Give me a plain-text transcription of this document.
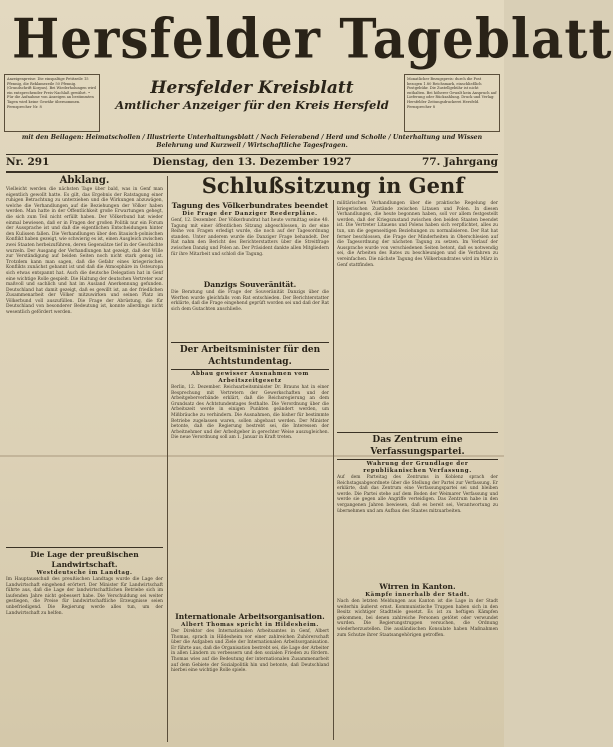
Hersfelder Tageblatt
Anzeigenpreise: Die einspaltige Petitzeile 15 Pfennig, die Reklamezeile 50 Pfennig. (Grundschrift Korpus). Bei Wiederholungen wird ein entsprechender Preis-Nachlaß gewährt. • Für die Aufnahme von Anzeigen an bestimmten Tagen wird keine Gewähr übernommen. Fernsprecher Nr. 8
Monatlicher Bezugspreis: durch die Post bezogen 1.80 Reichsmark, einschließlich Postgebühr. Die Zustellgebühr ist nicht enthalten. Bei höherer Gewalt kein Anspruch auf Lieferung oder Rückzahlung. Druck und Verlag: Hersfelder Zeitungsdruckerei Hersfeld. Fernsprecher 8
Hersfelder Kreisblatt
Amtlicher Anzeiger für den Kreis Hersfeld
mit den Beilagen: Heimatschollen / Illustrierte Unterhaltungsblatt / Nach Feierabend / Herd und Scholle / Unterhaltung und Wissen Belehrung und Kurzweil / Wirtschaftliche Tagesfragen.
Nr. 291	Dienstag, den 13. Dezember 1927	77. Jahrgang

Abklang.

Vielleicht werden die nächsten Tage über bald, was in Genf man eigentlich gewollt hatte. Es gilt, das Ergebnis der Ratstagung einer ruhigen Betrachtung zu unterziehen und die Wirkungen abzuwägen, welche die Verhandlungen auf die Beziehungen der Völker haben werden. Man hatte in der Öffentlichkeit große Erwartungen gehegt, die sich zum Teil nicht erfüllt haben. Der Völkerbund hat wieder einmal bewiesen, daß er in Fragen der großen Politik nur ein Forum der Aussprache ist und daß die eigentlichen Entscheidungen hinter den Kulissen fallen. Die Verhandlungen über den litauisch-polnischen Konflikt haben gezeigt, wie schwierig es ist, einen Ausgleich zwischen zwei Staaten herbeizuführen, deren Gegensätze tief in der Geschichte wurzeln. Der Ausgang der Verhandlungen hat gezeigt, daß der Wille zur Verständigung auf beiden Seiten noch nicht stark genug ist. Trotzdem kann man sagen, daß die Gefahr eines kriegerischen Konflikts zunächst gebannt ist und daß die Atmosphäre in Osteuropa sich etwas entspannt hat. Auch die deutsche Delegation hat in Genf eine wichtige Rolle gespielt. Die Haltung der deutschen Vertreter war maßvoll und sachlich und hat im Ausland Anerkennung gefunden. Deutschland hat damit gezeigt, daß es gewillt ist, an der friedlichen Zusammenarbeit der Völker mitzuwirken und seinen Platz im Völkerbund voll auszufüllen. Die Frage der Abrüstung, die für Deutschland von besonderer Bedeutung ist, konnte allerdings nicht wesentlich gefördert werden.

Die Lage der preußischen Landwirtschaft.

Westdeutsche im Landtag.

Im Hauptausschuß des preußischen Landtags wurde die Lage der Landwirtschaft eingehend erörtert. Der Minister für Landwirtschaft führte aus, daß die Lage der landwirtschaftlichen Betriebe sich im laufenden Jahre nicht gebessert habe. Die Verschuldung sei weiter gestiegen, die Preise für landwirtschaftliche Erzeugnisse seien unbefriedigend. Die Regierung werde alles tun, um der Landwirtschaft zu helfen.

Schlußsitzung in Genf

Tagung des Völkerbundrates beendet

Die Frage der Danziger Reederpläne.

Genf, 12. Dezember. Der Völkerbundrat hat heute vormittag seine 48. Tagung mit einer öffentlichen Sitzung abgeschlossen, in der eine Reihe von Fragen erledigt wurde, die noch auf der Tagesordnung standen. Unter anderem wurde die Danziger Frage behandelt. Der Rat nahm den Bericht des Berichterstatters über die Streitfrage zwischen Danzig und Polen an. Der Präsident dankte allen Mitgliedern für ihre Mitarbeit und schloß die Tagung.

Danzigs Souveränität.

Die Beratung und die Frage der Souveränität Danzigs über die Werften wurde gleichfalls vom Rat entschieden. Der Berichterstatter erklärte, daß die Frage eingehend geprüft worden sei und daß der Rat sich dem Gutachten anschließe.

militärischen Verhandlungen über die praktische Regelung der kriegerischen Zustände zwischen Litauen und Polen. In diesen Verhandlungen, die heute begonnen haben, soll vor allem festgestellt werden, daß der Kriegszustand zwischen den beiden Staaten beendet ist. Die Vertreter Litauens und Polens haben sich verpflichtet, alles zu tun, um die gegenseitigen Beziehungen zu normalisieren. Der Rat hat ferner beschlossen, die Frage der Minderheiten in Oberschlesien auf die Tagesordnung der nächsten Tagung zu setzen. Im Verlauf der Aussprache wurde von verschiedenen Seiten betont, daß es notwendig sei, die Arbeiten des Rates zu beschleunigen und die Verfahren zu vereinfachen. Die nächste Tagung des Völkerbundrates wird im März in Genf stattfinden.

Der Arbeitsminister für den Achtstundentag.

Abbau gewisser Ausnahmen vom Arbeitszeitgesetz

Berlin, 12. Dezember. Reichsarbeitsminister Dr. Brauns hat in einer Besprechung mit Vertretern der Gewerkschaften und der Arbeitgeberverbände erklärt, daß die Reichsregierung an dem Grundsatz des Achtstundentages festhalte. Die Verordnung über die Arbeitszeit werde in einigen Punkten geändert werden, um Mißbräuche zu verhindern. Die Ausnahmen, die bisher für bestimmte Betriebe zugelassen waren, sollen abgebaut werden. Der Minister betonte, daß die Regierung bestrebt sei, die Interessen der Arbeitnehmer und der Arbeitgeber in gerechter Weise auszugleichen. Die neue Verordnung soll am 1. Januar in Kraft treten.

Internationale Arbeitsorganisation.

Albert Thomas spricht in Hildesheim.

Der Direktor des Internationalen Arbeitsamtes in Genf, Albert Thomas, sprach in Hildesheim vor einer zahlreichen Zuhörerschaft über die Aufgaben und Ziele der Internationalen Arbeitsorganisation. Er führte aus, daß die Organisation bestrebt sei, die Lage der Arbeiter in allen Ländern zu verbessern und den sozialen Frieden zu fördern. Thomas wies auf die Bedeutung der internationalen Zusammenarbeit auf dem Gebiete der Sozialpolitik hin und betonte, daß Deutschland hierbei eine wichtige Rolle spiele.

Das Zentrum eine Verfassungspartei.

Wahrung der Grundlage der republikanischen Verfassung.

Auf dem Parteitag des Zentrums in Koblenz sprach der Reichstagsabgeordnete über die Stellung der Partei zur Verfassung. Er erklärte, daß das Zentrum eine Verfassungspartei sei und bleiben werde. Die Partei stehe auf dem Boden der Weimarer Verfassung und werde sie gegen alle Angriffe verteidigen. Das Zentrum habe in den vergangenen Jahren bewiesen, daß es bereit sei, Verantwortung zu übernehmen und am Aufbau des Staates mitzuarbeiten.

Wirren in Kanton.

Kämpfe innerhalb der Stadt.

Nach den letzten Meldungen aus Kanton ist die Lage in der Stadt weiterhin äußerst ernst. Kommunistische Truppen haben sich in den Besitz wichtiger Stadtteile gesetzt. Es ist zu heftigen Kämpfen gekommen, bei denen zahlreiche Personen getötet oder verwundet wurden. Die Regierungstruppen versuchen, die Ordnung wiederherzustellen. Die ausländischen Konsulate haben Maßnahmen zum Schutze ihrer Staatsangehörigen getroffen.
